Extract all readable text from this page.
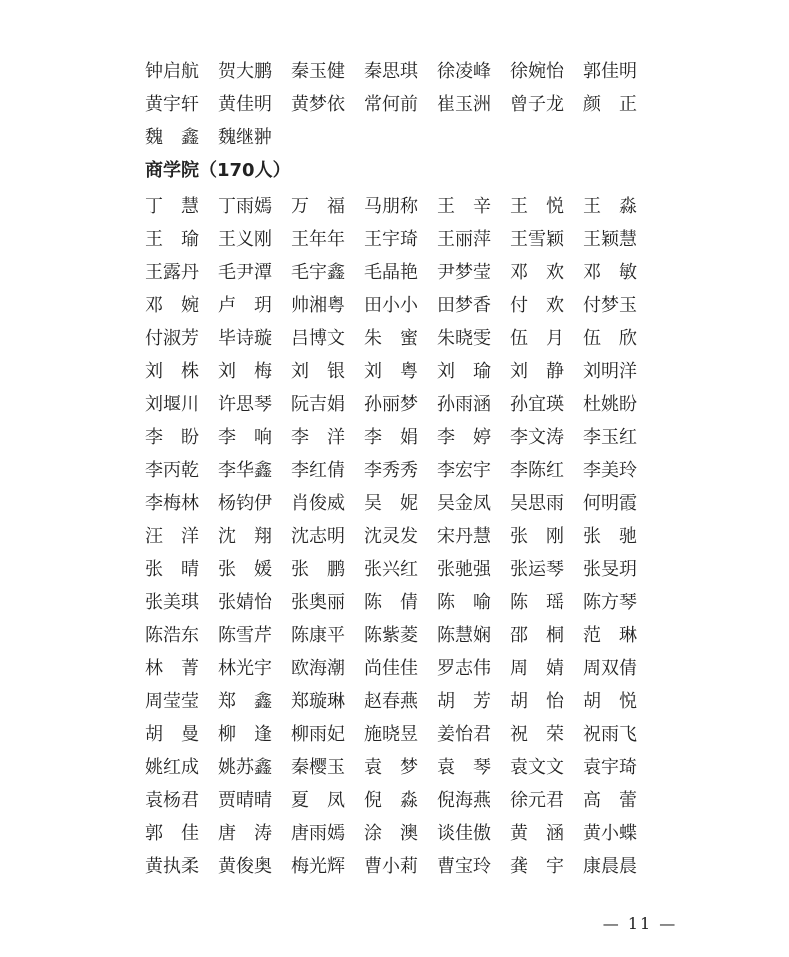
钟启航 贺大鹏 秦玉健 秦思琪 徐凌峰 徐婉怡 郭佳明
黄宇轩 黄佳明 黄梦依 常何前 崔玉洲 曾子龙 颜　正
魏　鑫 魏继翀
商学院（170人）
丁　慧 丁雨嫣 万　福 马朋称 王　辛 王　悦 王　淼
王　瑜 王义刚 王年年 王宇琦 王丽萍 王雪颖 王颖慧
王露丹 毛尹潭 毛宇鑫 毛晶艳 尹梦莹 邓　欢 邓　敏
邓　婉 卢　玥 帅湘粤 田小小 田梦香 付　欢 付梦玉
付淑芳 毕诗璇 吕博文 朱　蜜 朱晓雯 伍　月 伍　欣
刘　株 刘　梅 刘　银 刘　粤 刘　瑜 刘　静 刘明洋
刘堰川 许思琴 阮吉娟 孙丽梦 孙雨涵 孙宜瑛 杜姚盼
李　盼 李　响 李　洋 李　娟 李　婷 李文涛 李玉红
李丙乾 李华鑫 李红倩 李秀秀 李宏宇 李陈红 李美玲
李梅林 杨钧伊 肖俊威 吴　妮 吴金凤 吴思雨 何明霞
汪　洋 沈　翔 沈志明 沈灵发 宋丹慧 张　刚 张　驰
张　晴 张　媛 张　鹏 张兴红 张驰强 张运琴 张旻玥
张美琪 张婧怡 张奥丽 陈　倩 陈　喻 陈　瑶 陈方琴
陈浩东 陈雪芹 陈康平 陈紫菱 陈慧娴 邵　桐 范　琳
林　菁 林光宇 欧海潮 尚佳佳 罗志伟 周　婧 周双倩
周莹莹 郑　鑫 郑璇琳 赵春燕 胡　芳 胡　怡 胡　悦
胡　曼 柳　逢 柳雨妃 施晓昱 姜怡君 祝　荣 祝雨飞
姚红成 姚苏鑫 秦樱玉 袁　梦 袁　琴 袁文文 袁宇琦
袁杨君 贾晴晴 夏　凤 倪　淼 倪海燕 徐元君 高　蕾
郭　佳 唐　涛 唐雨嫣 涂　澳 谈佳傲 黄　涵 黄小蝶
黄执柔 黄俊奥 梅光辉 曹小莉 曹宝玲 龚　宇 康晨晨
— 11 —
